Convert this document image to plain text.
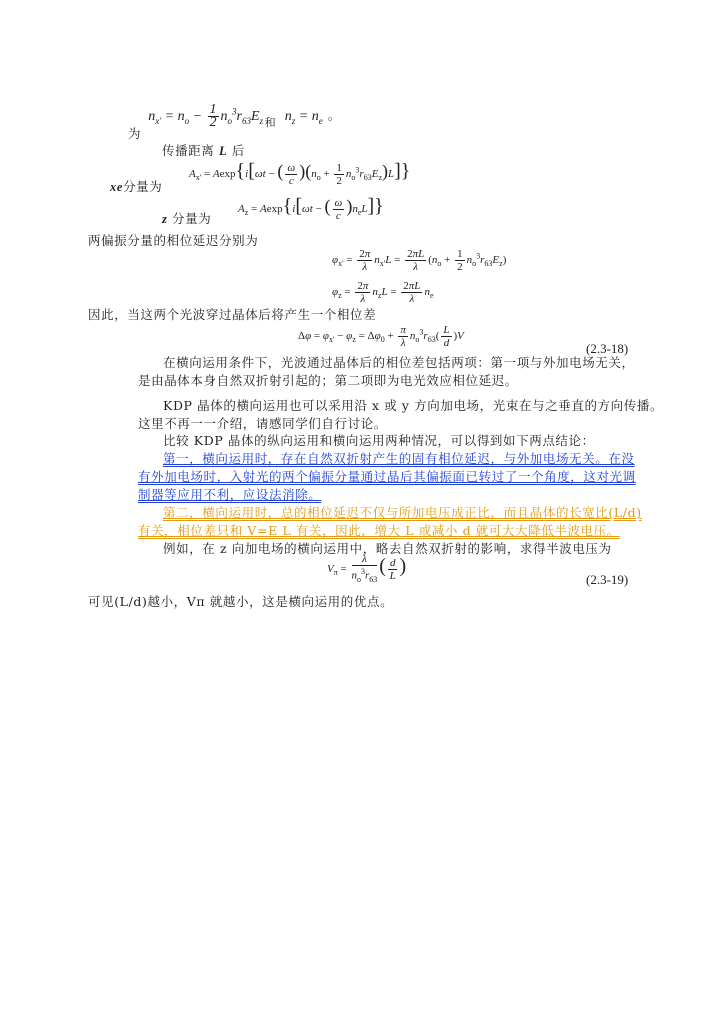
$_为$ $n_{x'} = n_o - \frac{1}{2} n_o^3r_{63}E_z$ $_和$  $n_z = n_e$ 。
传播距离 L 后
xe分量为
$A_{x'} = Aexp\{i[\omega t$ − ( $\frac{\omega}{c} )(n_o + \frac{1}{2} n_o^3r_{63}E_z)L$]}
z 分量为
$A_z = Aexp\{i[\omega t$ − ( $\frac{\omega}{c} )n_eL$]}
两偏振分量的相位延迟分别为
$\varphi_{x'} = \frac{2\pi}{\lambda} n_{x'}L = \frac{2\pi L}{\lambda} (n_o + \frac{1}{2} n_o^3r_{63}E_z)$
$\varphi_z = \frac{2\pi}{\lambda} n_zL = \frac{2\pi L}{\lambda} n_e$
因此，当这两个光波穿过晶体后将产生一个相位差
$\Delta\varphi = \varphi_{x'} - \varphi_z = \Delta\varphi_0 + \frac{\pi}{\lambda} n_o^3r_{63}( \frac{L}{d} )V$
(2.3-18)
在横向运用条件下，光波通过晶体后的相位差包括两项：第一项与外加电场无关，
是由晶体本身自然双折射引起的；第二项即为电光效应相位延迟。
KDP 晶体的横向运用也可以采用沿 x 或 y 方向加电场，光束在与之垂直的方向传播。
这里不再一一介绍，请感同学们自行讨论。
比较 KDP 晶体的纵向运用和横向运用两种情况，可以得到如下两点结论：
第一，横向运用时，存在自然双折射产生的固有相位延迟，与外加电场无关。在没
有外加电场时，入射光的两个偏振分量通过晶后其偏振面已转过了一个角度，这对光调
制器等应用不利，应设法消除。
第二，横向运用时，总的相位延迟不仅与所加电压成正比，而且晶体的长宽比(L/d)
有关，相位差只和 V=E L 有关，因此，增大 L 或减小 d 就可大大降低半波电压。
例如，在 z 向加电场的横向运用中，略去自然双折射的影响，求得半波电压为
$V_\pi = \frac{\lambda}{n_o^3r_{63}}$ ( $\frac{d}{L}$ )
(2.3-19)
可见(L/d)越小，Vπ 就越小，这是横向运用的优点。
